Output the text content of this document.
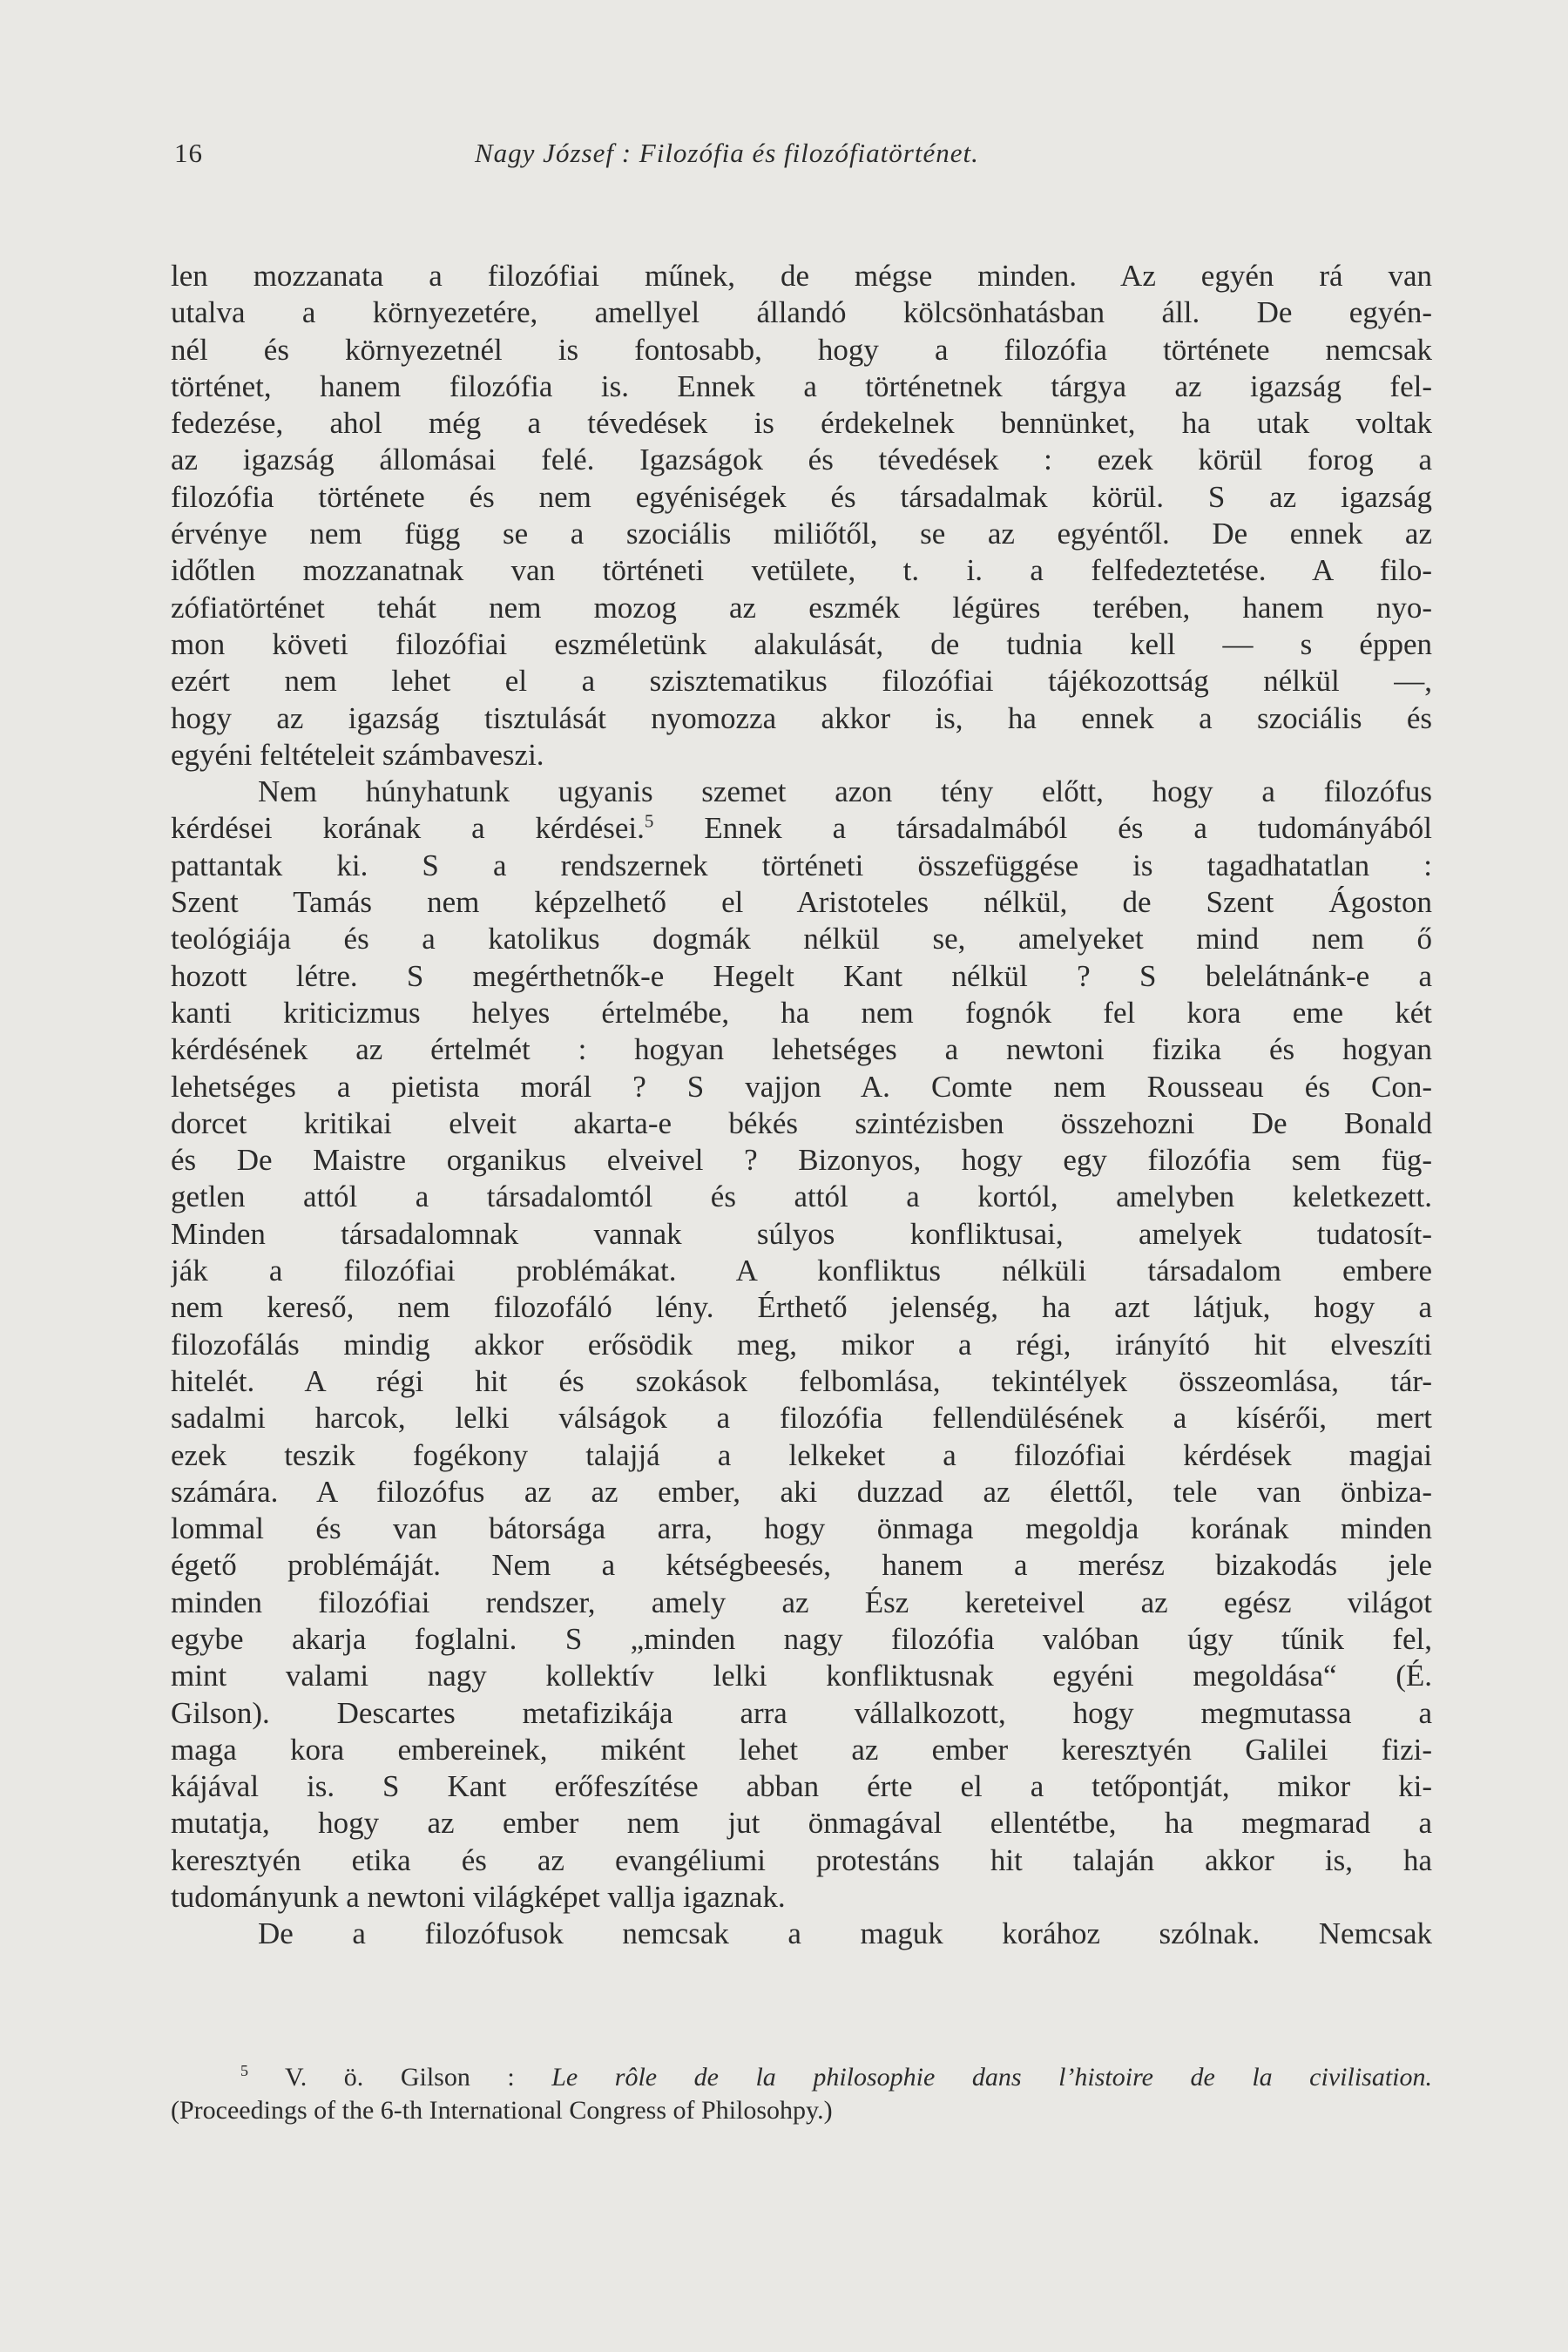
16	Nagy József : Filozófia és filozófiatörténet.
len mozzanata a filozófiai műnek, de mégse minden. Az egyén rá van
utalva a környezetére, amellyel állandó kölcsönhatásban áll. De egyén-
nél és környezetnél is fontosabb, hogy a filozófia története nemcsak
történet, hanem filozófia is. Ennek a történetnek tárgya az igazság fel-
fedezése, ahol még a tévedések is érdekelnek bennünket, ha utak voltak
az igazság állomásai felé. Igazságok és tévedések : ezek körül forog a
filozófia története és nem egyéniségek és társadalmak körül. S az igazság
érvénye nem függ se a szociális miliőtől, se az egyéntől. De ennek az
időtlen mozzanatnak van történeti vetülete, t. i. a felfedeztetése. A filo-
zófiatörténet tehát nem mozog az eszmék légüres terében, hanem nyo-
mon követi filozófiai eszméletünk alakulását, de tudnia kell — s éppen
ezért nem lehet el a szisztematikus filozófiai tájékozottság nélkül —,
hogy az igazság tisztulását nyomozza akkor is, ha ennek a szociális és
egyéni feltételeit számbaveszi.
Nem húnyhatunk ugyanis szemet azon tény előtt, hogy a filozófus
kérdései korának a kérdései.$^5$ Ennek a társadalmából és a tudományából
pattantak ki. S a rendszernek történeti összefüggése is tagadhatatlan :
Szent Tamás nem képzelhető el Aristoteles nélkül, de Szent Ágoston
teológiája és a katolikus dogmák nélkül se, amelyeket mind nem ő
hozott létre. S megérthetnők-e Hegelt Kant nélkül ? S belelátnánk-e a
kanti kriticizmus helyes értelmébe, ha nem fognók fel kora eme két
kérdésének az értelmét : hogyan lehetséges a newtoni fizika és hogyan
lehetséges a pietista morál ? S vajjon A. Comte nem Rousseau és Con-
dorcet kritikai elveit akarta-e békés szintézisben összehozni De Bonald
és De Maistre organikus elveivel ? Bizonyos, hogy egy filozófia sem füg-
getlen attól a társadalomtól és attól a kortól, amelyben keletkezett.
Minden társadalomnak vannak súlyos konfliktusai, amelyek tudatosít-
ják a filozófiai problémákat. A konfliktus nélküli társadalom embere
nem kereső, nem filozofáló lény. Érthető jelenség, ha azt látjuk, hogy a
filozofálás mindig akkor erősödik meg, mikor a régi, irányító hit elveszíti
hitelét. A régi hit és szokások felbomlása, tekintélyek összeomlása, tár-
sadalmi harcok, lelki válságok a filozófia fellendülésének a kísérői, mert
ezek teszik fogékony talajjá a lelkeket a filozófiai kérdések magjai
számára. A filozófus az az ember, aki duzzad az élettől, tele van önbiza-
lommal és van bátorsága arra, hogy önmaga megoldja korának minden
égető problémáját. Nem a kétségbeesés, hanem a merész bizakodás jele
minden filozófiai rendszer, amely az Ész kereteivel az egész világot
egybe akarja foglalni. S „minden nagy filozófia valóban úgy tűnik fel,
mint valami nagy kollektív lelki konfliktusnak egyéni megoldása“ (É.
Gilson). Descartes metafizikája arra vállalkozott, hogy megmutassa a
maga kora embereinek, miként lehet az ember keresztyén Galilei fizi-
kájával is. S Kant erőfeszítése abban érte el a tetőpontját, mikor ki-
mutatja, hogy az ember nem jut önmagával ellentétbe, ha megmarad a
keresztyén etika és az evangéliumi protestáns hit talaján akkor is, ha
tudományunk a newtoni világképet vallja igaznak.
De a filozófusok nemcsak a maguk korához szólnak. Nemcsak
$^5$ V. ö. Gilson : Le rôle de la philosophie dans l’histoire de la civilisation.
(Proceedings of the 6-th International Congress of Philosohpy.)
